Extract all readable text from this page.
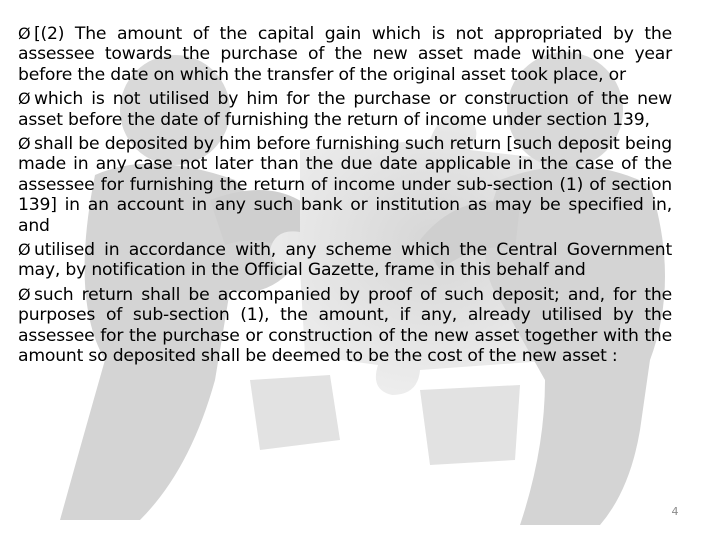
Ø [(2) The amount of the capital gain which is not appropriated by the assessee towards the purchase of the new asset made within one year before the date on which the transfer of the original asset took place, or

Ø which is not utilised by him for the purchase or construction of the new asset before the date of furnishing the return of income under section 139,

Ø shall be deposited by him before furnishing such return [such deposit being made in any case not later than the due date applicable in the case of the assessee for furnishing the return of income under sub-section (1) of section 139] in an account in any such bank or institution as may be specified in, and

Ø utilised in accordance with, any scheme which the Central Government may, by notification in the Official Gazette, frame in this behalf and

Ø such return shall be accompanied by proof of such deposit; and, for the purposes of sub-section (1), the amount, if any, already utilised by the assessee for the purchase or construction of the new asset together with the amount so deposited shall be deemed to be the cost of the new asset :

4
